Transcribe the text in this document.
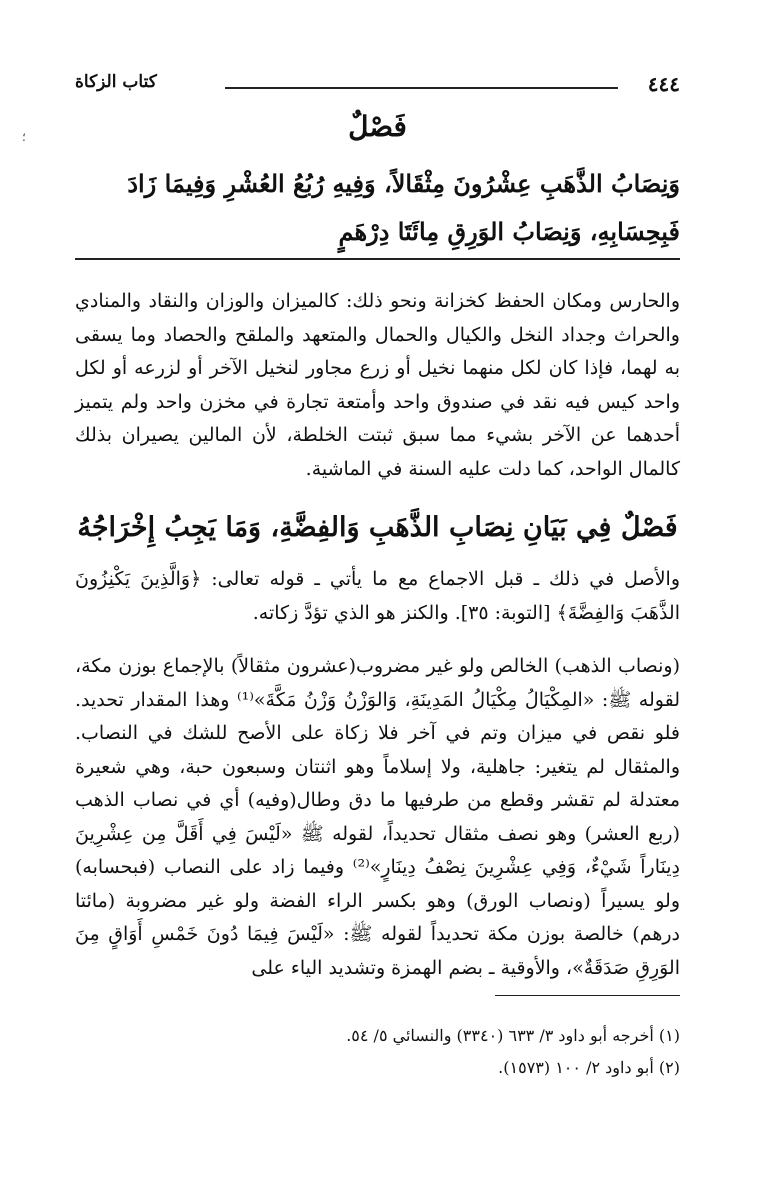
٤٤٤
كتاب الزكاة
؛	فَصْلٌ
وَنِصَابُ الذَّهَبِ عِشْرُونَ مِثْقَالاً، وَفِيهِ رُبُعُ العُشْرِ وَفِيمَا زَادَ فَبِحِسَابِهِ، وَنِصَابُ الوَرِقِ مِائَتَا دِرْهَمٍ
والحارس ومكان الحفظ كخزانة ونحو ذلك: كالميزان والوزان والنقاد والمنادي والحراث وجداد النخل والكيال والحمال والمتعهد والملقح والحصاد وما يسقى به لهما، فإذا كان لكل منهما نخيل أو زرع مجاور لنخيل الآخر أو لزرعه أو لكل واحد كيس فيه نقد في صندوق واحد وأمتعة تجارة في مخزن واحد ولم يتميز أحدهما عن الآخر بشيء مما سبق ثبتت الخلطة، لأن المالين يصيران بذلك كالمال الواحد، كما دلت عليه السنة في الماشية.
فَصْلٌ فِي بَيَانِ نِصَابِ الذَّهَبِ وَالفِضَّةِ، وَمَا يَجِبُ إِخْرَاجُهُ
والأصل في ذلك ـ قبل الاجماع مع ما يأتي ـ قوله تعالى: ﴿وَالَّذِينَ يَكْنِزُونَ الذَّهَبَ وَالفِضَّةَ﴾ [التوبة: ٣٥]. والكنز هو الذي تؤدَّ زكاته.
(ونصاب الذهب) الخالص ولو غير مضروب(عشرون مثقالاً) بالإجماع بوزن مكة، لقوله ﷺ: «المِكْيَالُ مِكْيَالُ المَدِينَةِ، وَالوَزْنُ وَزْنُ مَكَّةَ»⁽¹⁾ وهذا المقدار تحديد. فلو نقص في ميزان وتم في آخر فلا زكاة على الأصح للشك في النصاب. والمثقال لم يتغير: جاهلية، ولا إسلاماً وهو اثنتان وسبعون حبة، وهي شعيرة معتدلة لم تقشر وقطع من طرفيها ما دق وطال(وفيه) أي في نصاب الذهب (ربع العشر) وهو نصف مثقال تحديداً، لقوله ﷺ «لَيْسَ فِي أَقَلَّ مِن عِشْرِينَ دِينَاراً شَيْءٌ، وَفِي عِشْرِينَ نِصْفُ دِينَارٍ»⁽²⁾ وفيما زاد على النصاب (فبحسابه) ولو يسيراً (ونصاب الورق) وهو بكسر الراء الفضة ولو غير مضروبة (مائتا درهم) خالصة بوزن مكة تحديداً لقوله ﷺ: «لَيْسَ فِيمَا دُونَ خَمْسِ أَوَاقٍ مِنَ الوَرِقِ صَدَقَةٌ»، والأوقية ـ بضم الهمزة وتشديد الياء على
(١) أخرجه أبو داود ٣/ ٦٣٣ (٣٣٤٠) والنسائي ٥/ ٥٤.
(٢) أبو داود ٢/ ١٠٠ (١٥٧٣).
